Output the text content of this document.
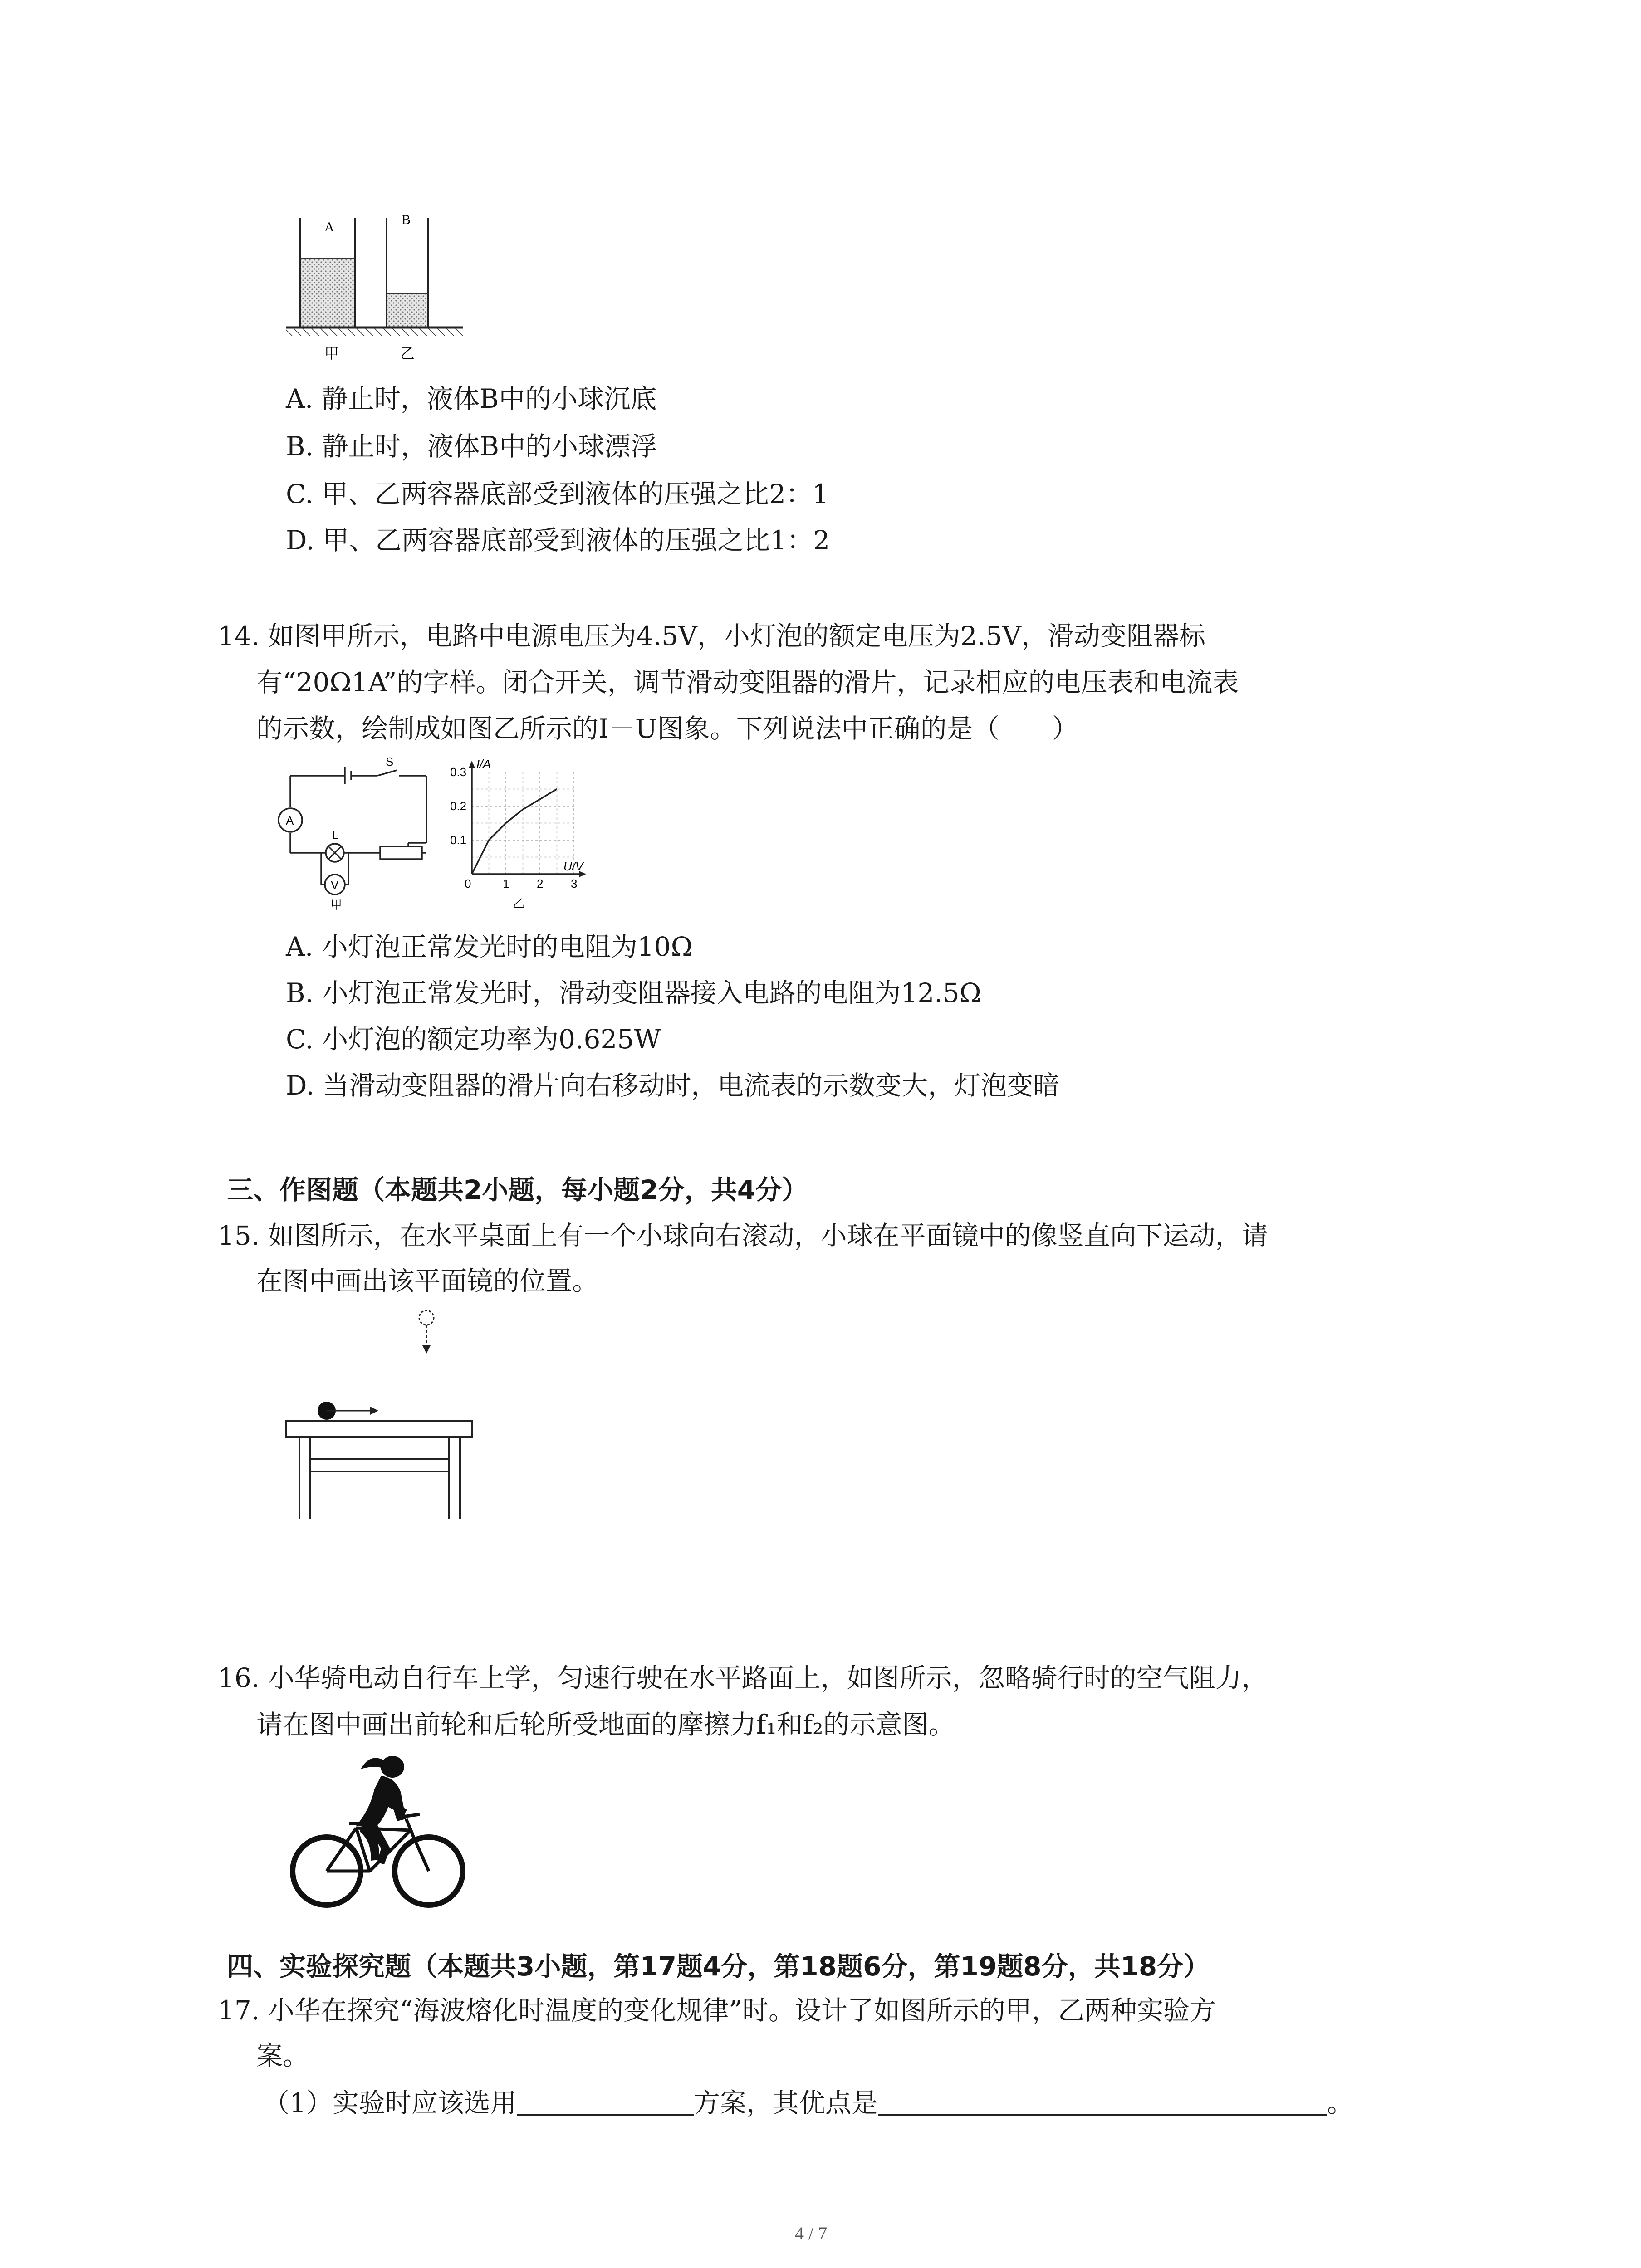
A	B
甲	乙
A. 静止时，液体B中的小球沉底
B. 静止时，液体B中的小球漂浮
C. 甲、乙两容器底部受到液体的压强之比2：1
D. 甲、乙两容器底部受到液体的压强之比1：2
14. 如图甲所示，电路中电源电压为4.5V，小灯泡的额定电压为2.5V，滑动变阻器标
有“20Ω1A”的字样。闭合开关，调节滑动变阻器的滑片，记录相应的电压表和电流表
的示数，绘制成如图乙所示的I－U图象。下列说法中正确的是（　　）
A
S
L
V
甲
0.1
0.2
0.3
1 2 3
I/A
U/V
0
乙
A. 小灯泡正常发光时的电阻为10Ω
B. 小灯泡正常发光时，滑动变阻器接入电路的电阻为12.5Ω
C. 小灯泡的额定功率为0.625W
D. 当滑动变阻器的滑片向右移动时，电流表的示数变大，灯泡变暗
三、作图题（本题共2小题，每小题2分，共4分）
15. 如图所示，在水平桌面上有一个小球向右滚动，小球在平面镜中的像竖直向下运动，请
在图中画出该平面镜的位置。
16. 小华骑电动自行车上学，匀速行驶在水平路面上，如图所示，忽略骑行时的空气阻力，
请在图中画出前轮和后轮所受地面的摩擦力f₁和f₂的示意图。
四、实验探究题（本题共3小题，第17题4分，第18题6分，第19题8分，共18分）
17. 小华在探究“海波熔化时温度的变化规律”时。设计了如图所示的甲，乙两种实验方
案。
（1）实验时应该选用	方案，其优点是	。
4 / 7
